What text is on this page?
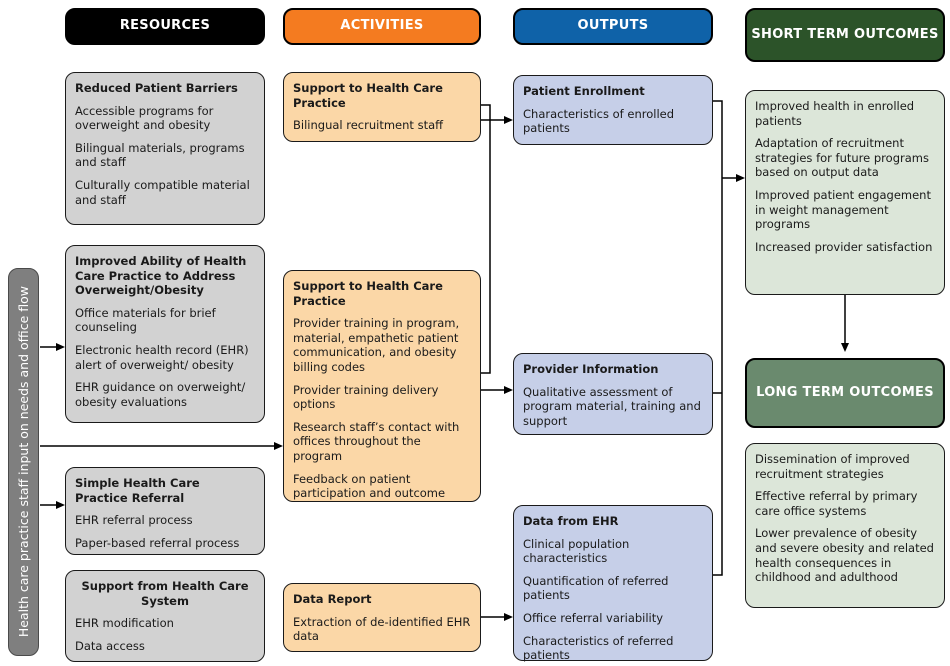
RESOURCES	ACTIVITIES	OUTPUTS
SHORT TERM OUTCOMES
LONG TERM OUTCOMES
Health care practice staff input on needs and office flow
Reduced Patient Barriers
Accessible programs for overweight and obesity
Bilingual materials, programs and staff
Culturally compatible material and staff
Improved Ability of Health Care Practice to Address Overweight/Obesity
Office materials for brief counseling
Electronic health record (EHR) alert of overweight/ obesity
EHR guidance on overweight/ obesity evaluations
Simple Health Care Practice Referral
EHR referral process
Paper-based referral process
Support from Health Care System
EHR modification
Data access
Support to Health Care Practice
Bilingual recruitment staff
Support to Health Care Practice
Provider training in program, material, empathetic patient communication, and obesity billing codes
Provider training delivery options
Research staff’s contact with offices throughout the program
Feedback on patient participation and outcome
Data Report
Extraction of de-identified EHR data
Patient Enrollment
Characteristics of enrolled patients
Provider Information
Qualitative assessment of program material, training and support
Data from EHR
Clinical population characteristics
Quantification of referred patients
Office referral variability
Characteristics of referred patients
Improved health in enrolled patients
Adaptation of recruitment strategies for future programs based on output data
Improved patient engagement in weight management programs
Increased provider satisfaction
Dissemination of improved recruitment strategies
Effective referral by primary care office systems
Lower prevalence of obesity and severe obesity and related health consequences in childhood and adulthood
